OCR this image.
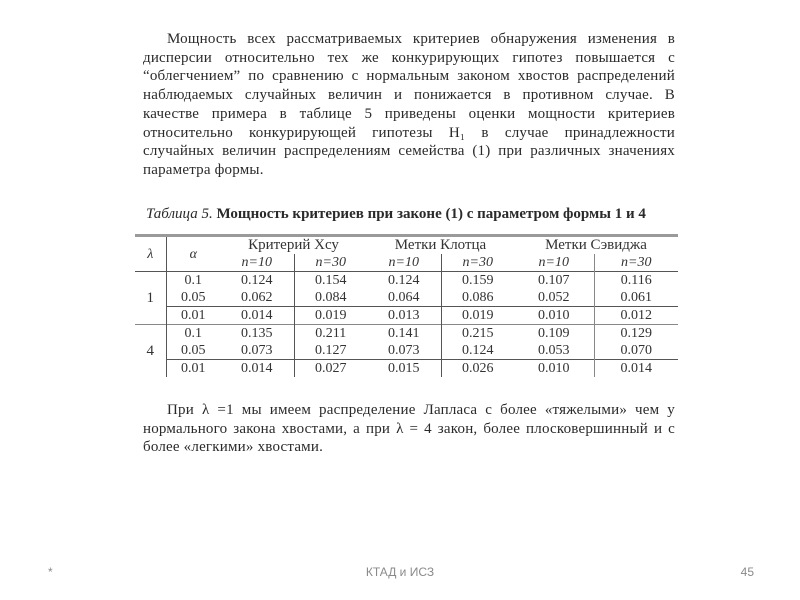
Мощность всех рассматриваемых критериев обнаружения изменения в
дисперсии относительно тех же конкурирующих гипотез повышается с
“облегчением” по сравнению с нормальным законом хвостов распределений
наблюдаемых случайных величин и понижается в противном случае. В
качестве примера в таблице 5 приведены оценки мощности критериев
относительно конкурирующей гипотезы H₁ в случае принадлежности
случайных величин распределениям семейства (1) при различных значениях
параметра формы.
Таблица 5. Мощность критериев при законе (1) с параметром формы 1 и 4
λ	α	Критерий Хсу		Метки Клотца		Метки Сэвиджа	
		n=10	n=30	n=10	n=30	n=10	n=30
1	0.1	0.124	0.154	0.124	0.159	0.107	0.116
	0.05	0.062	0.084	0.064	0.086	0.052	0.061
	0.01	0.014	0.019	0.013	0.019	0.010	0.012
4	0.1	0.135	0.211	0.141	0.215	0.109	0.129
	0.05	0.073	0.127	0.073	0.124	0.053	0.070
	0.01	0.014	0.027	0.015	0.026	0.010	0.014

При λ =1 мы имеем распределение Лапласа с более «тяжелыми» чем у нормального закона хвостами, а при λ = 4 закон, более плосковершинный и с более «легкими» хвостами.

*	КТАД и ИСЗ	45
